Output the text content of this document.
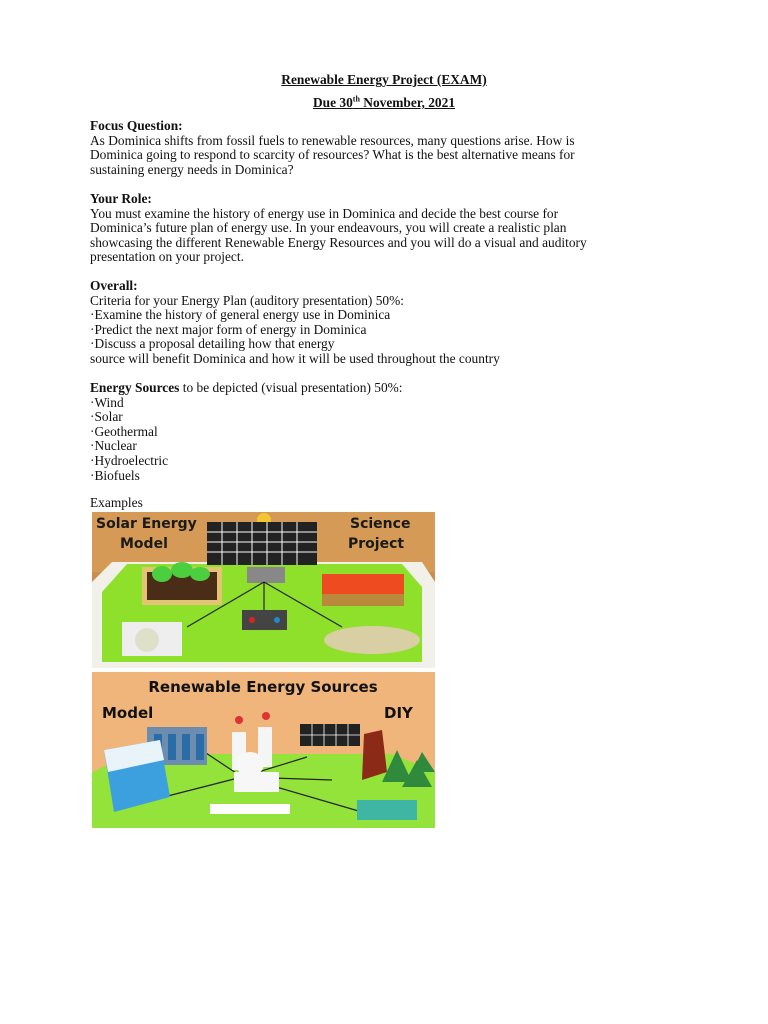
Renewable Energy Project (EXAM)
Due 30th November, 2021
Focus Question:
As Dominica shifts from fossil fuels to renewable resources, many questions arise. How is
Dominica going to respond to scarcity of resources? What is the best alternative means for
sustaining energy needs in Dominica?
Your Role:
You must examine the history of energy use in Dominica and decide the best course for
Dominica’s future plan of energy use. In your endeavours, you will create a realistic plan
showcasing the different Renewable Energy Resources and you will do a visual and auditory
presentation on your project.
Overall:
Criteria for your Energy Plan (auditory presentation) 50%:
·Examine the history of general energy use in Dominica
·Predict the next major form of energy in Dominica
·Discuss a proposal detailing how that energy
source will benefit Dominica and how it will be used throughout the country
Energy Sources to be depicted (visual presentation) 50%:
·Wind
·Solar
·Geothermal
·Nuclear
·Hydroelectric
·Biofuels
Examples
Solar Energy
Model
Science
Project
Renewable Energy Sources
Model	DIY
